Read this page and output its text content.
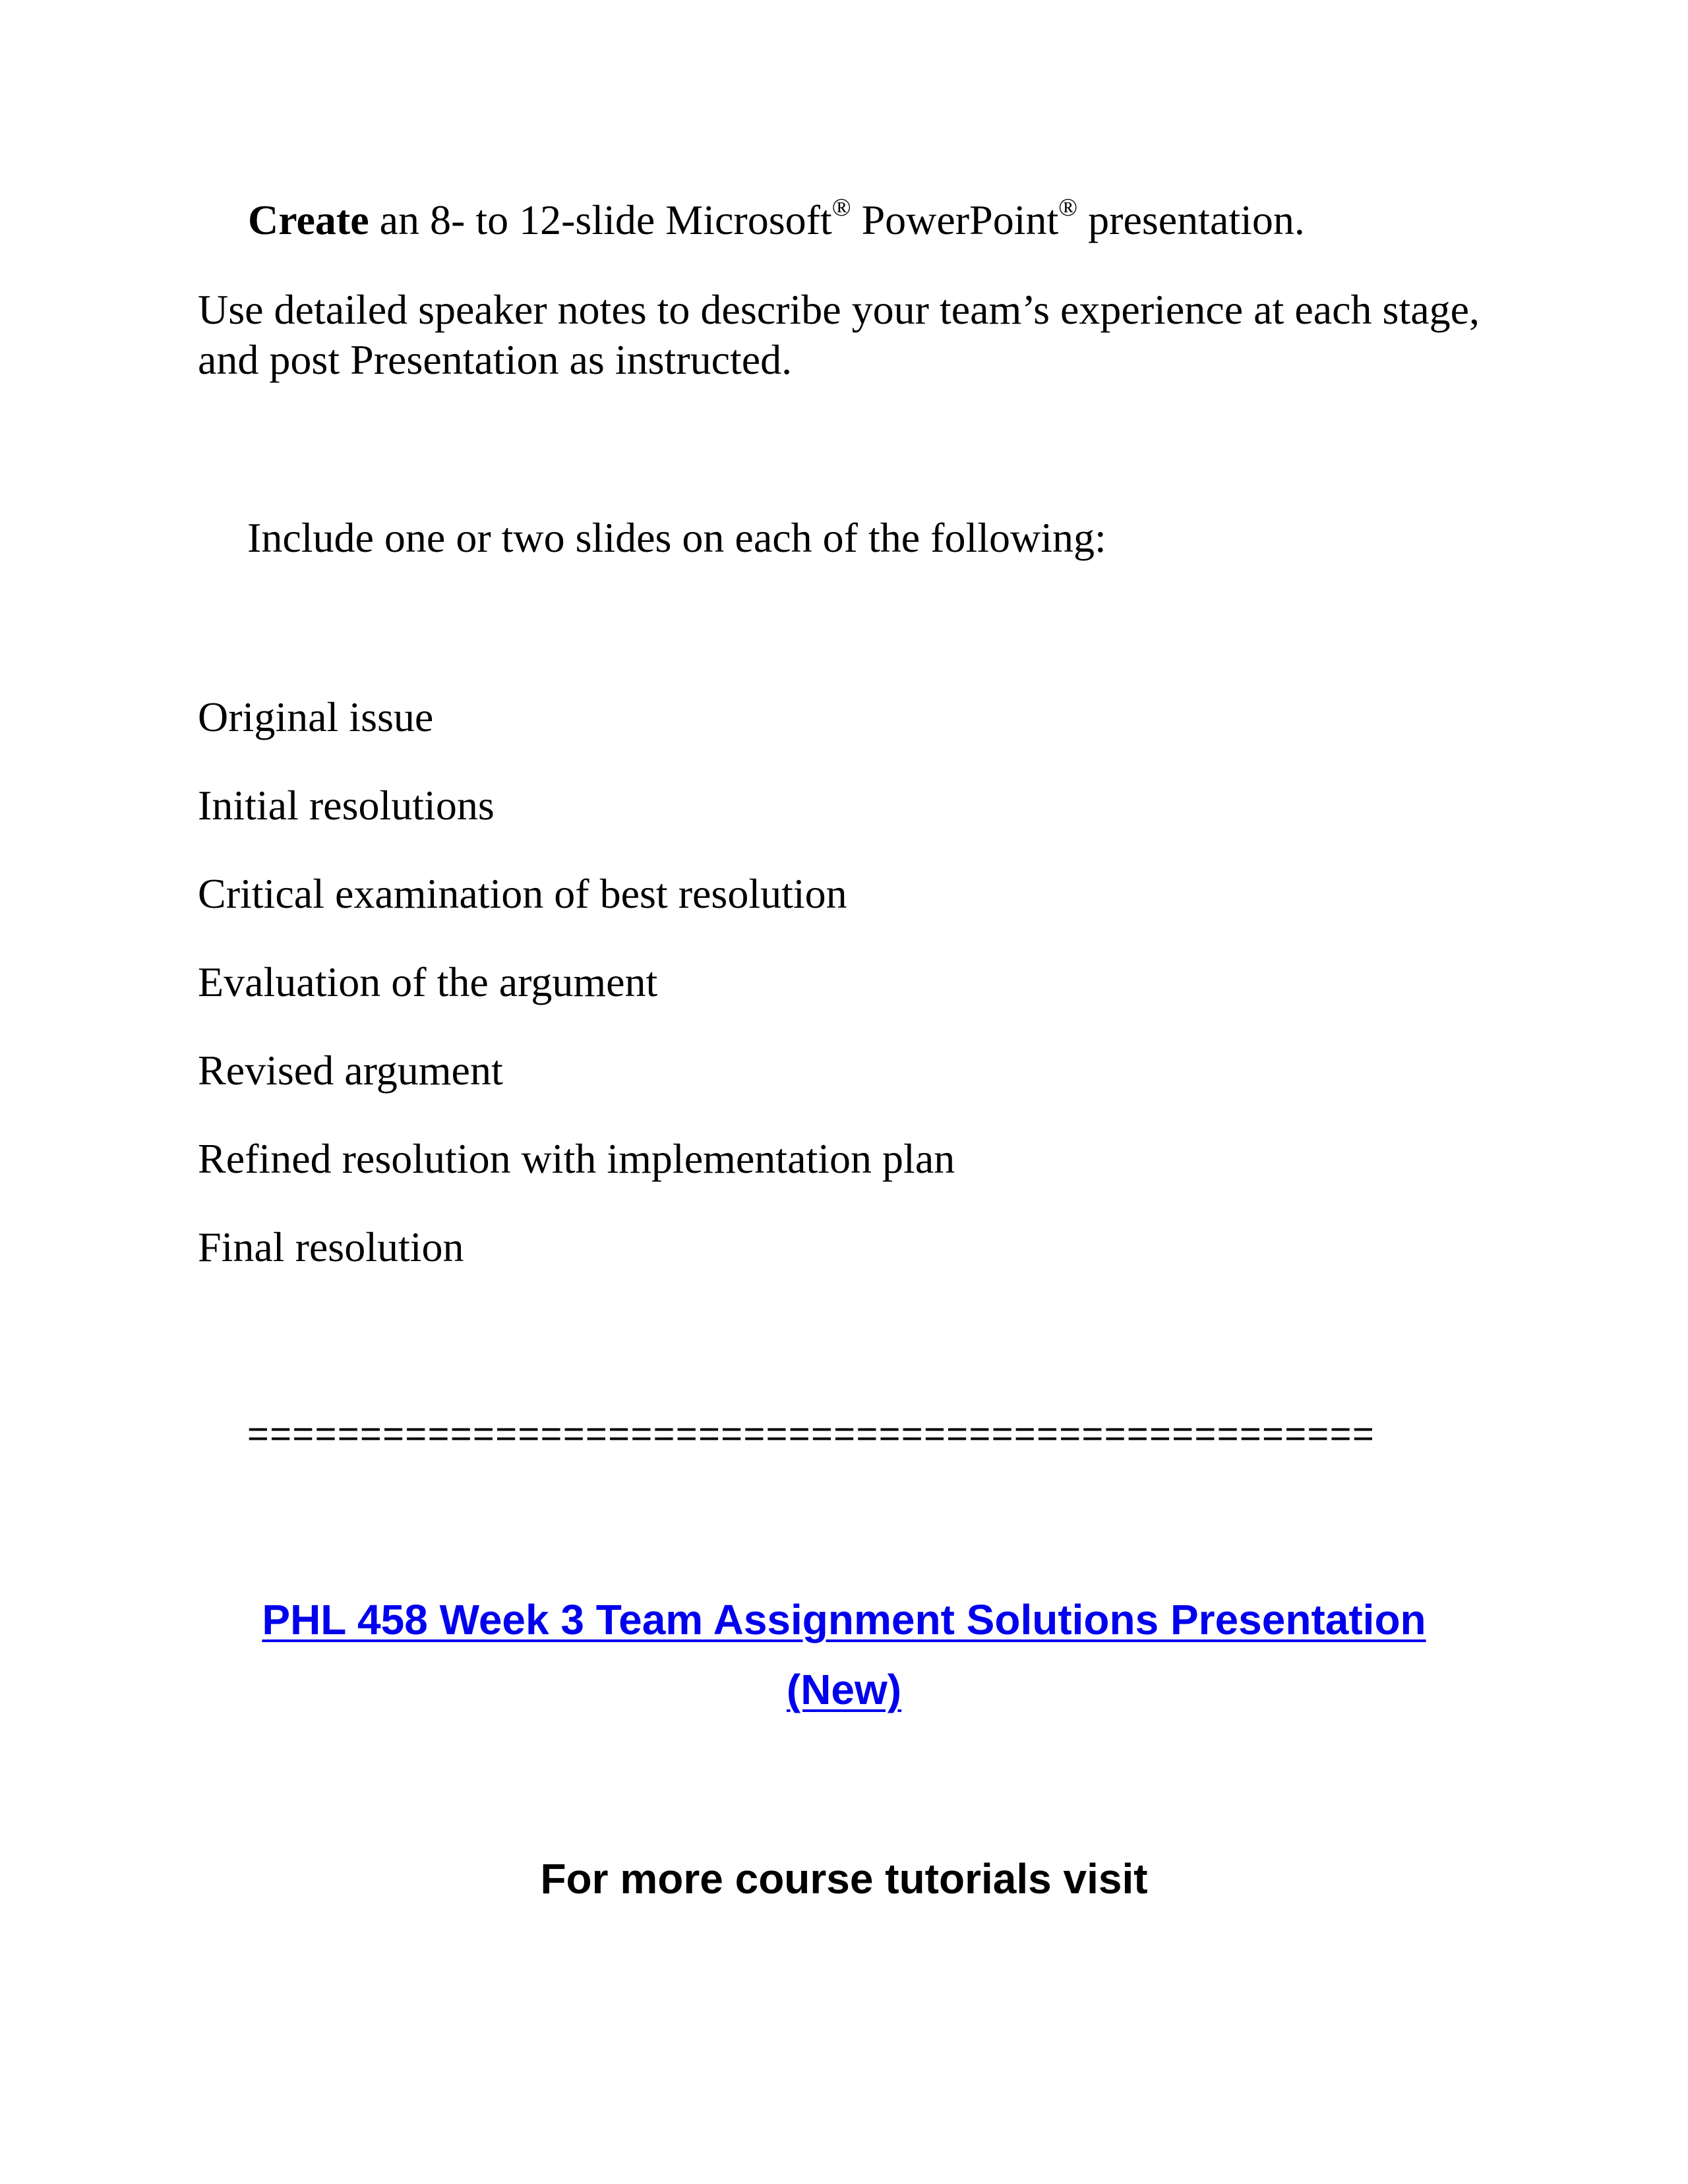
Create an 8- to 12-slide Microsoft® PowerPoint® presentation.
Use detailed speaker notes to describe your team’s experience at each stage, and post Presentation as instructed.
Include one or two slides on each of the following:
Original issue
Initial resolutions
Critical examination of best resolution
Evaluation of the argument
Revised argument
Refined resolution with implementation plan
Final resolution
==================================================
PHL 458 Week 3 Team Assignment Solutions Presentation
(New)
For more course tutorials visit
